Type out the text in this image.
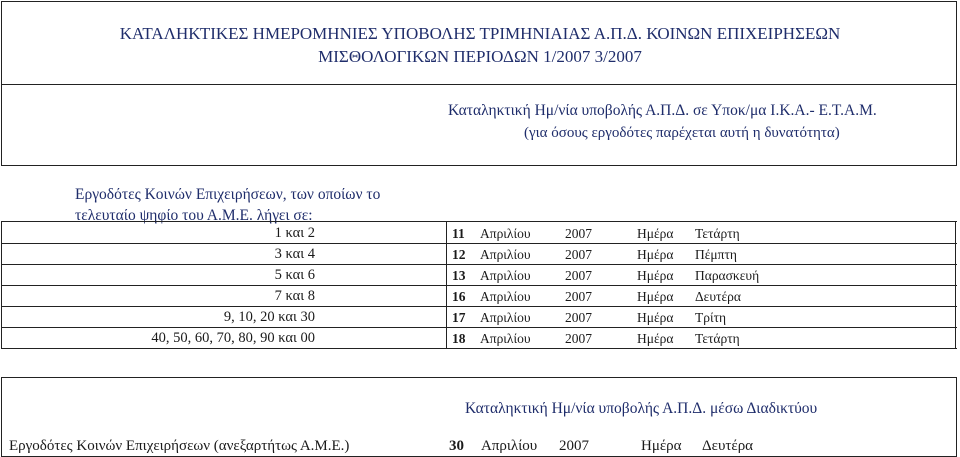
ΚΑΤΑΛΗΚΤΙΚΕΣ ΗΜΕΡΟΜΗΝΙΕΣ ΥΠΟΒΟΛΗΣ ΤΡΙΜΗΝΙΑΙΑΣ Α.Π.Δ. ΚΟΙΝΩΝ ΕΠΙΧΕΙΡΗΣΕΩΝ
ΜΙΣΘΟΛΟΓΙΚΩΝ ΠΕΡΙΟΔΩΝ 1/2007 3/2007
Καταληκτική Ημ/νία υποβολής Α.Π.Δ. σε Υποκ/μα Ι.Κ.Α.- Ε.Τ.Α.Μ.
(για όσους εργοδότες παρέχεται αυτή η δυνατότητα)
Εργοδότες Κοινών Επιχειρήσεων, των οποίων το
τελευταίο ψηφίο του Α.Μ.Ε. λήγει σε:
1 και 2	11 Απριλίου	2007	Ημέρα Τετάρτη
3 και 4	12 Απριλίου	2007	Ημέρα Πέμπτη
5 και 6	13 Απριλίου	2007	Ημέρα Παρασκευή
7 και 8	16 Απριλίου	2007	Ημέρα Δευτέρα
9, 10, 20 και 30	17 Απριλίου	2007	Ημέρα Τρίτη
40, 50, 60, 70, 80, 90 και 00	18 Απριλίου	2007	Ημέρα Τετάρτη
Καταληκτική Ημ/νία υποβολής Α.Π.Δ. μέσω Διαδικτύου
Εργοδότες Κοινών Επιχειρήσεων (ανεξαρτήτως Α.Μ.Ε.)	30 Απριλίου 2007	Ημέρα Δευτέρα
